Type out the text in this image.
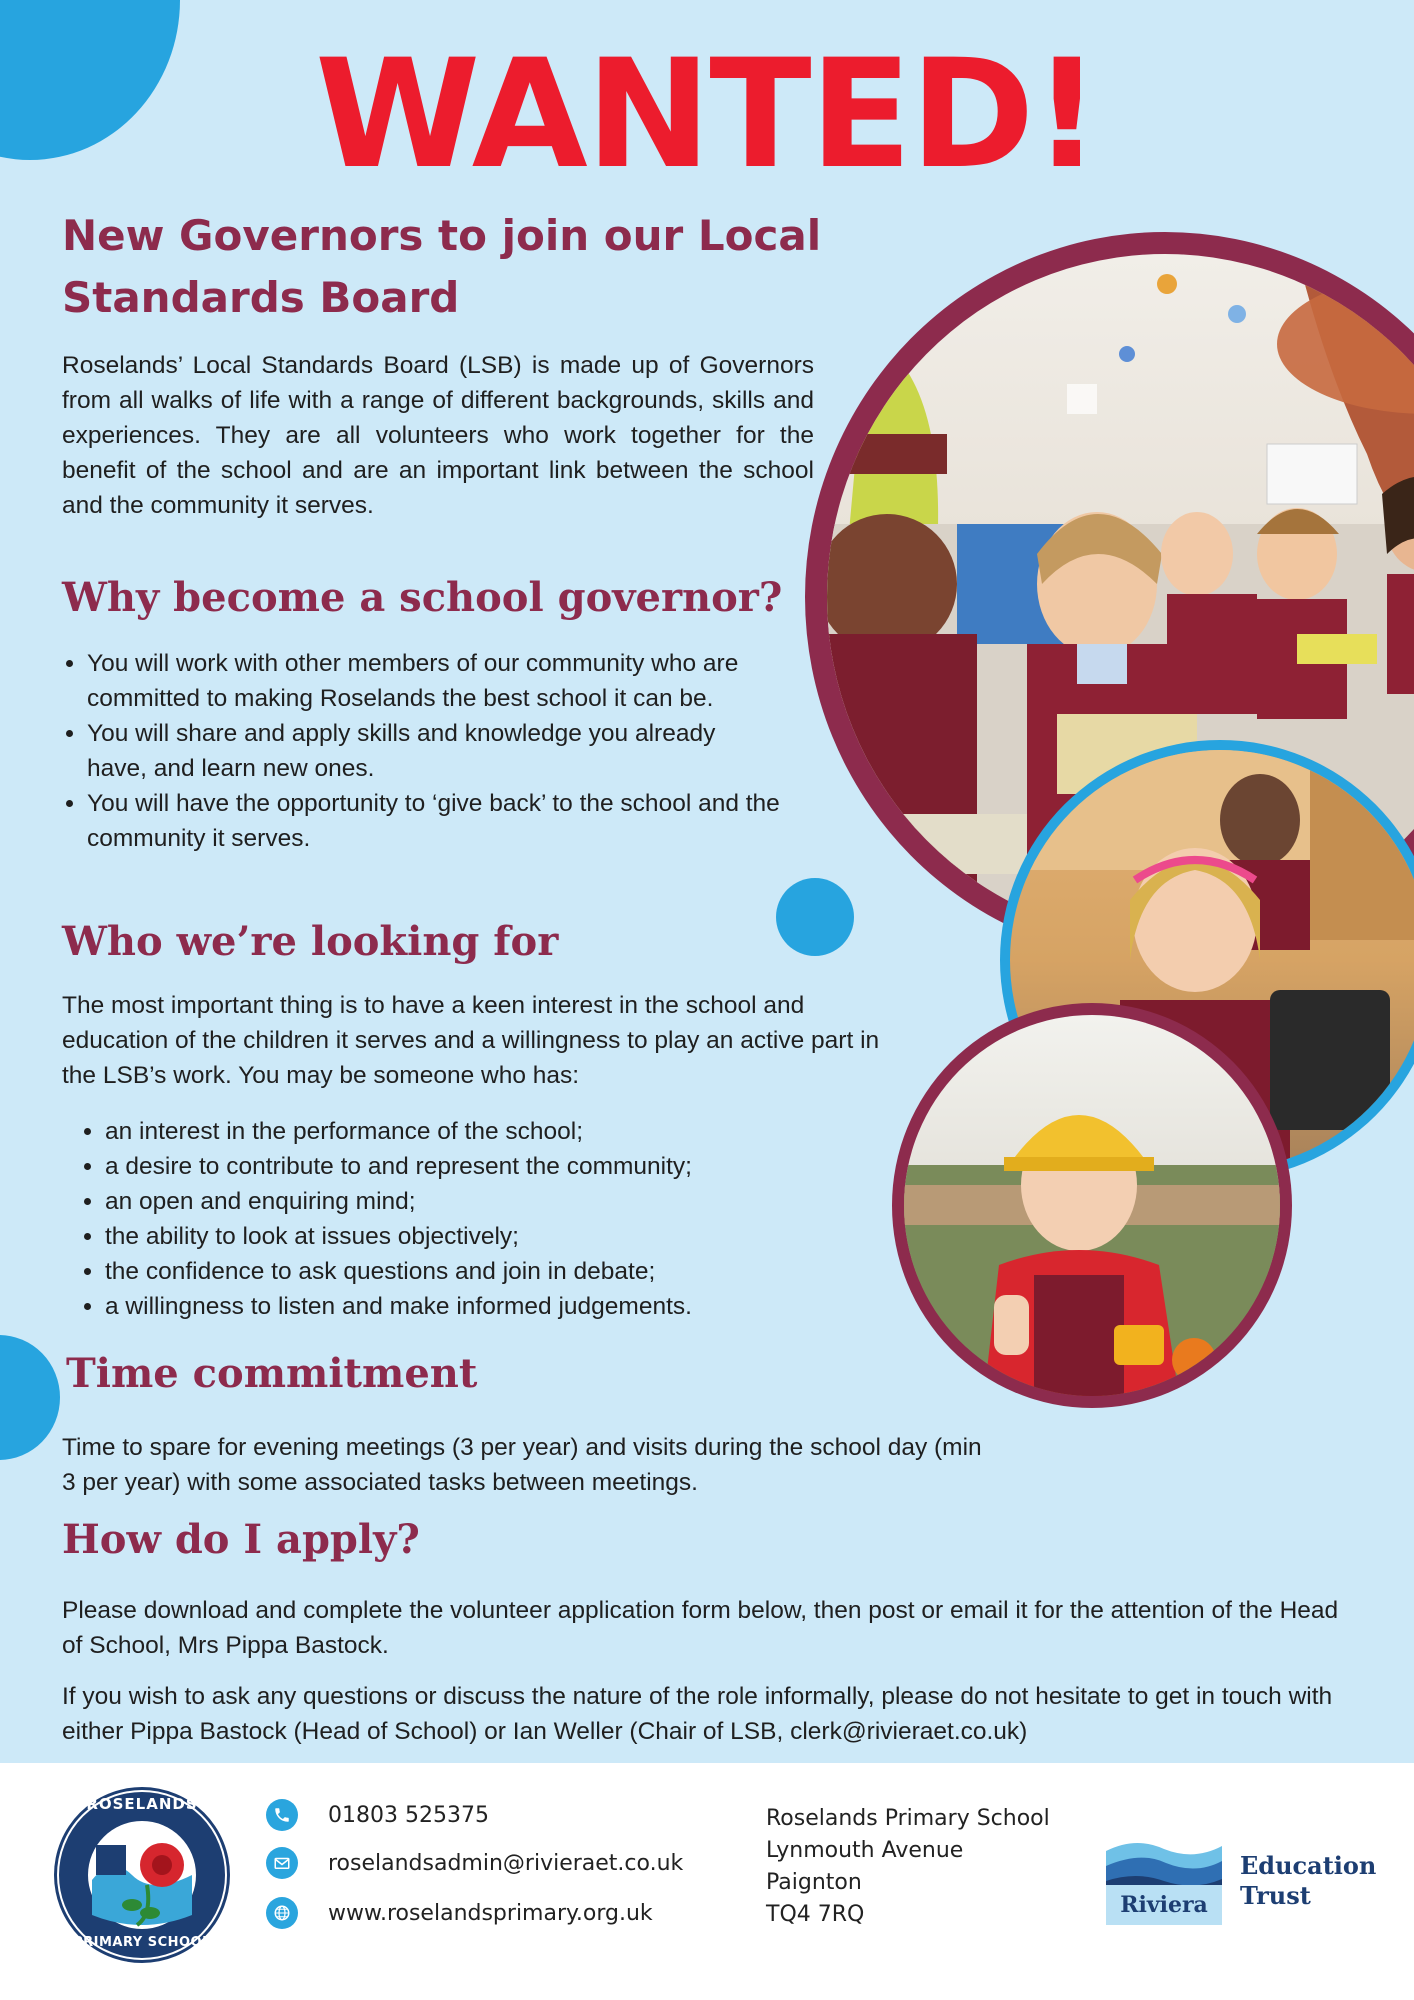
WANTED!
New Governors to join our Local
Standards Board
Roselands’ Local Standards Board (LSB) is made up of Governors from all walks of life with a range of different backgrounds, skills and experiences. They are all volunteers who work together for the benefit of the school and are an important link between the school and the community it serves.
Why become a school governor?
• You will work with other members of our community who are committed to making Roselands the best school it can be.
• You will share and apply skills and knowledge you already have, and learn new ones.
• You will have the opportunity to ‘give back’ to the school and the community it serves.
Who we’re looking for
The most important thing is to have a keen interest in the school and education of the children it serves and a willingness to play an active part in the LSB’s work. You may be someone who has:
• an interest in the performance of the school;
• a desire to contribute to and represent the community;
• an open and enquiring mind;
• the ability to look at issues objectively;
• the confidence to ask questions and join in debate;
• a willingness to listen and make informed judgements.
Time commitment
Time to spare for evening meetings (3 per year) and visits during the school day (min 3 per year) with some associated tasks between meetings.
How do I apply?
Please download and complete the volunteer application form below, then post or email it for the attention of the Head of School, Mrs Pippa Bastock.
If you wish to ask any questions or discuss the nature of the role informally, please do not hesitate to get in touch with either Pippa Bastock (Head of School) or Ian Weller (Chair of LSB, clerk@rivieraet.co.uk)
ROSELANDS
PRIMARY SCHOOL
01803 525375
roselandsadmin@rivieraet.co.uk
www.roselandsprimary.org.uk
Roselands Primary School
Lynmouth Avenue
Paignton
TQ4 7RQ	Riviera
Education
Trust
